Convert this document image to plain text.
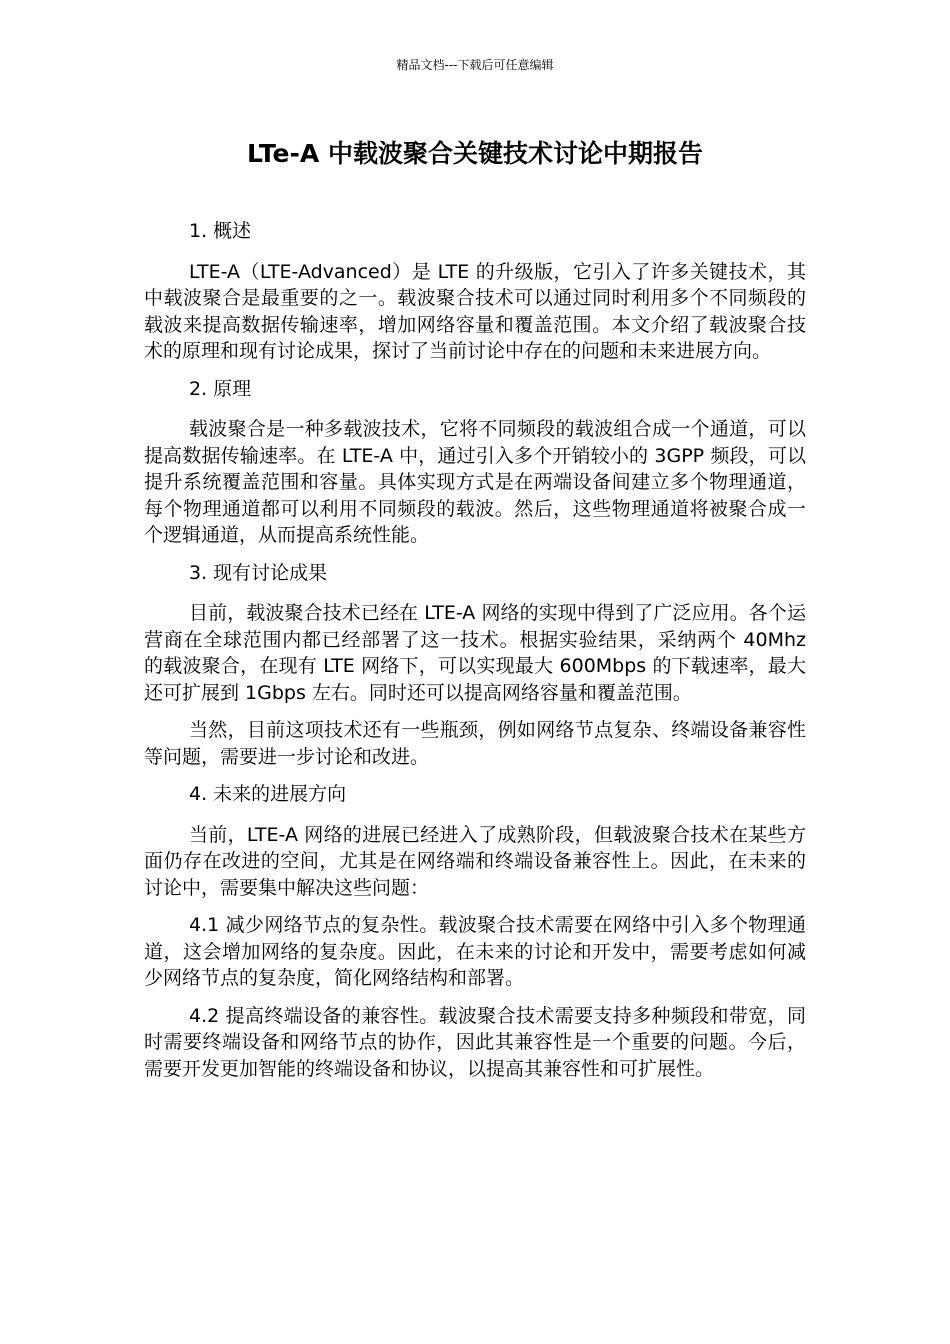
精品文档---下载后可任意编辑
LTe-A 中载波聚合关键技术讨论中期报告

1. 概述

LTE-A（LTE-Advanced）是 LTE 的升级版，它引入了许多关键技术，其中载波聚合是最重要的之一。载波聚合技术可以通过同时利用多个不同频段的载波来提高数据传输速率，增加网络容量和覆盖范围。本文介绍了载波聚合技术的原理和现有讨论成果，探讨了当前讨论中存在的问题和未来进展方向。

2. 原理

载波聚合是一种多载波技术，它将不同频段的载波组合成一个通道，可以提高数据传输速率。在 LTE-A 中，通过引入多个开销较小的 3GPP 频段，可以提升系统覆盖范围和容量。具体实现方式是在两端设备间建立多个物理通道，每个物理通道都可以利用不同频段的载波。然后，这些物理通道将被聚合成一个逻辑通道，从而提高系统性能。

3. 现有讨论成果

目前，载波聚合技术已经在 LTE-A 网络的实现中得到了广泛应用。各个运营商在全球范围内都已经部署了这一技术。根据实验结果，采纳两个 40Mhz 的载波聚合，在现有 LTE 网络下，可以实现最大 600Mbps 的下载速率，最大还可扩展到 1Gbps 左右。同时还可以提高网络容量和覆盖范围。

当然，目前这项技术还有一些瓶颈，例如网络节点复杂、终端设备兼容性等问题，需要进一步讨论和改进。

4. 未来的进展方向

当前，LTE-A 网络的进展已经进入了成熟阶段，但载波聚合技术在某些方面仍存在改进的空间，尤其是在网络端和终端设备兼容性上。因此，在未来的讨论中，需要集中解决这些问题：

4.1 减少网络节点的复杂性。载波聚合技术需要在网络中引入多个物理通道，这会增加网络的复杂度。因此，在未来的讨论和开发中，需要考虑如何减少网络节点的复杂度，简化网络结构和部署。

4.2 提高终端设备的兼容性。载波聚合技术需要支持多种频段和带宽，同时需要终端设备和网络节点的协作，因此其兼容性是一个重要的问题。今后，需要开发更加智能的终端设备和协议，以提高其兼容性和可扩展性。
